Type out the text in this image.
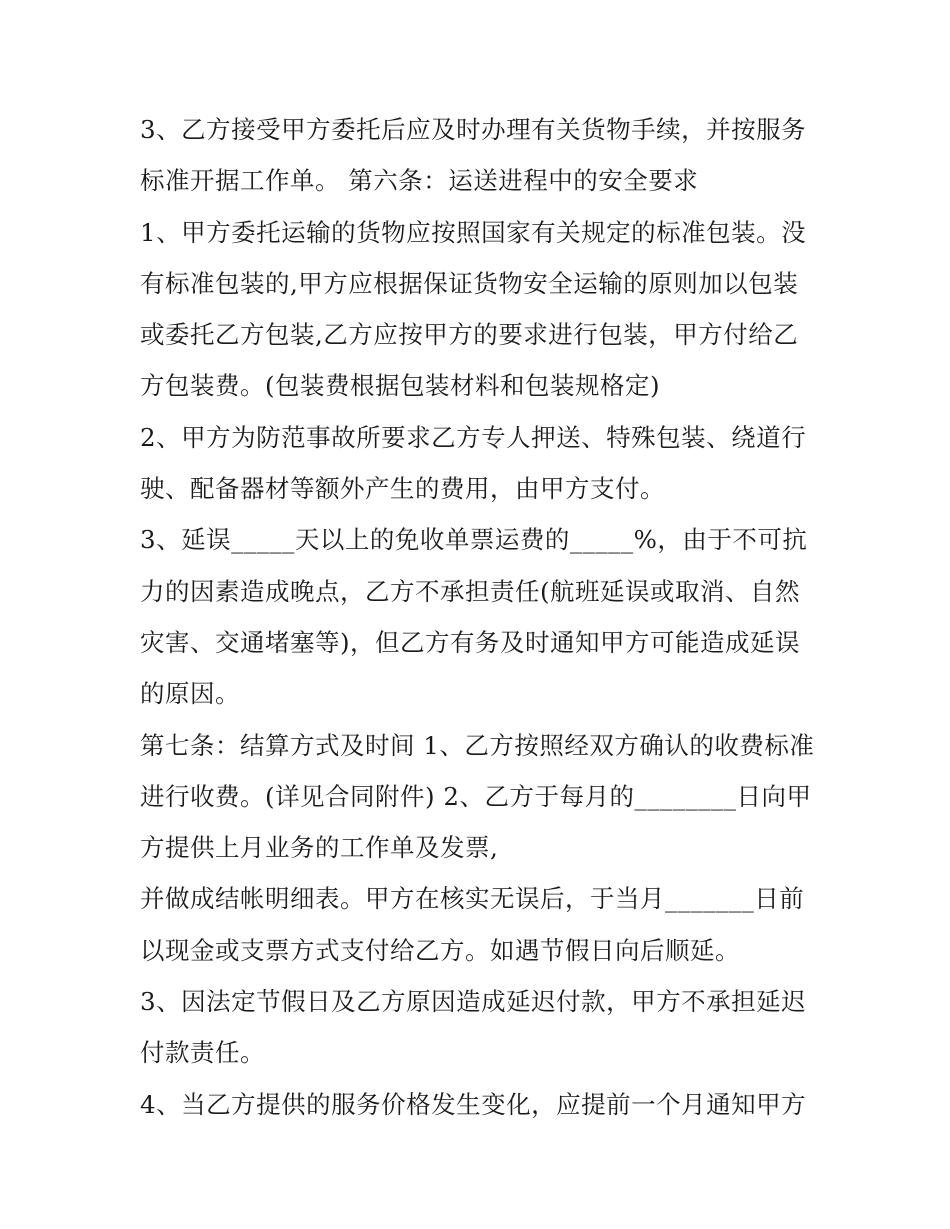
3、乙方接受甲方委托后应及时办理有关货物手续，并按服务
标准开据工作单。 第六条：运送进程中的安全要求
1、甲方委托运输的货物应按照国家有关规定的标准包装。没
有标准包装的,甲方应根据保证货物安全运输的原则加以包装
或委托乙方包装,乙方应按甲方的要求进行包装，甲方付给乙
方包装费。(包装费根据包装材料和包装规格定)
2、甲方为防范事故所要求乙方专人押送、特殊包装、绕道行
驶、配备器材等额外产生的费用，由甲方支付。
3、延误_____天以上的免收单票运费的_____%，由于不可抗
力的因素造成晚点，乙方不承担责任(航班延误或取消、自然
灾害、交通堵塞等)，但乙方有务及时通知甲方可能造成延误
的原因。
第七条：结算方式及时间 1、乙方按照经双方确认的收费标准
进行收费。(详见合同附件) 2、乙方于每月的________日向甲
方提供上月业务的工作单及发票,
并做成结帐明细表。甲方在核实无误后，于当月_______日前
以现金或支票方式支付给乙方。如遇节假日向后顺延。
3、因法定节假日及乙方原因造成延迟付款，甲方不承担延迟
付款责任。
4、当乙方提供的服务价格发生变化，应提前一个月通知甲方
